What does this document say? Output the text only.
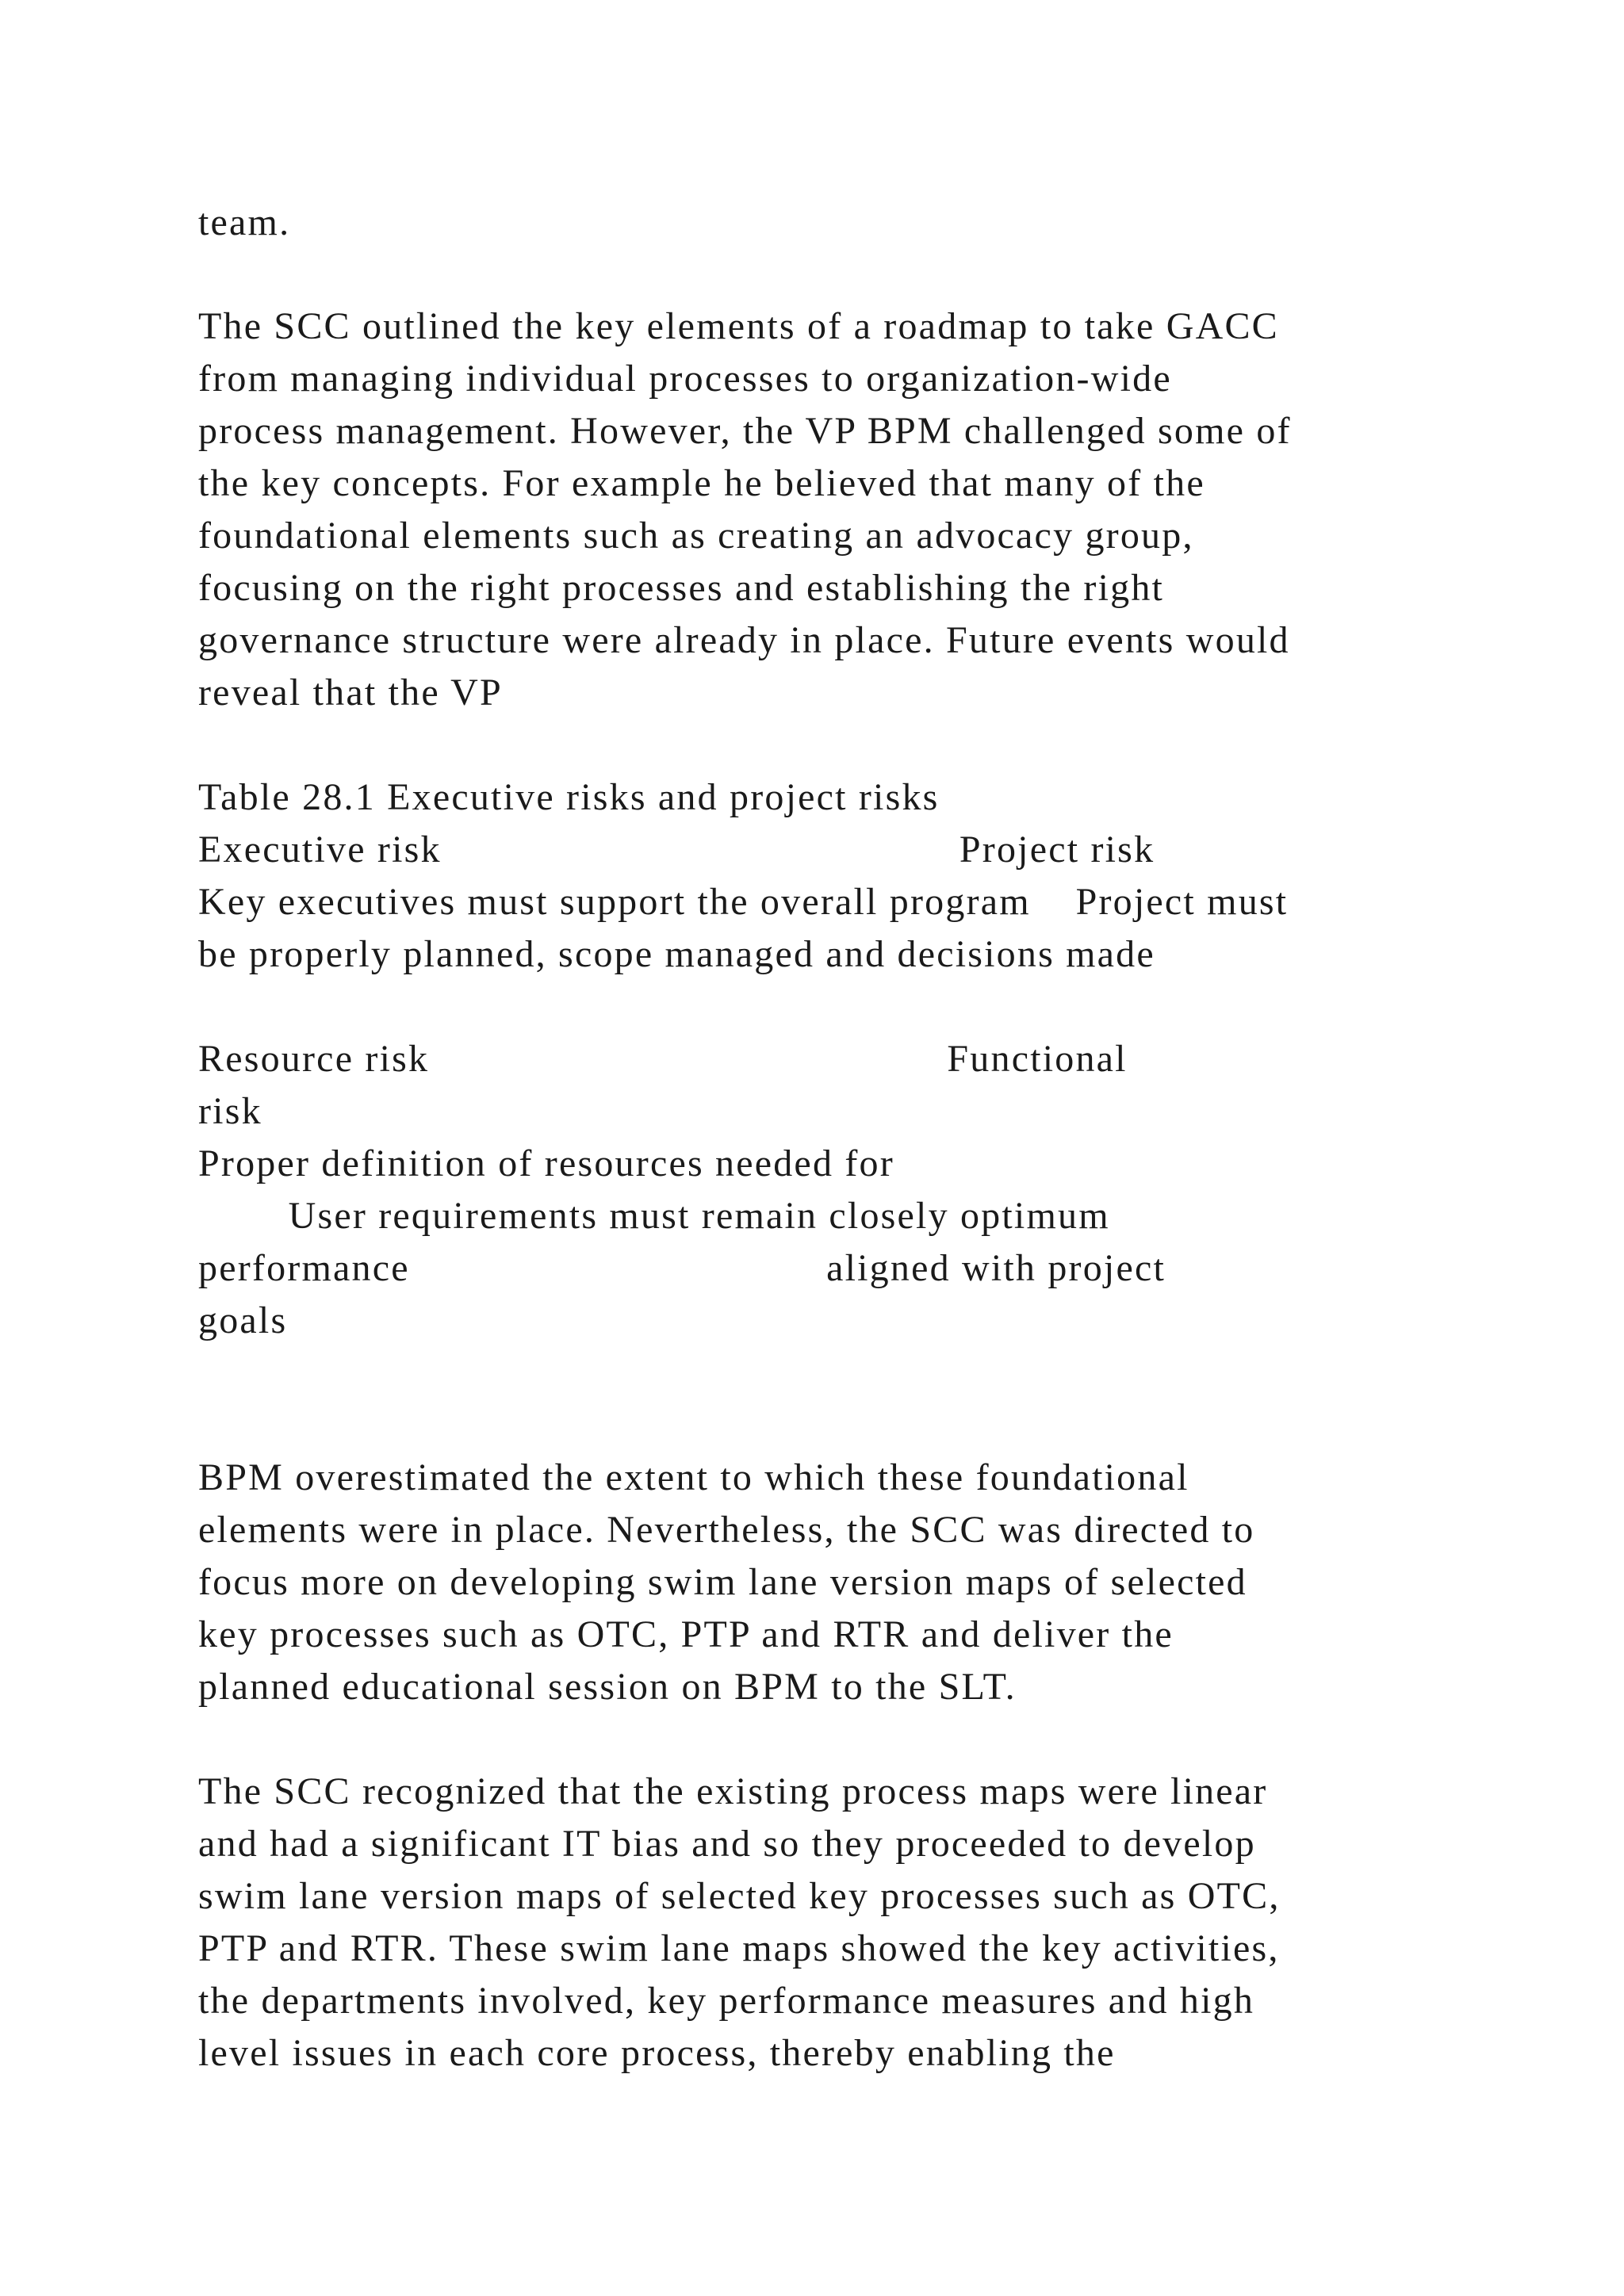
team.

The SCC outlined the key elements of a roadmap to take GACC

from managing individual processes to organization-wide

process management. However, the VP BPM challenged some of

the key concepts. For example he believed that many of the

foundational elements such as creating an advocacy group,

focusing on the right processes and establishing the right

governance structure were already in place. Future events would

reveal that the VP

Table 28.1 Executive risks and project risks

Executive risk                                              Project risk

Key executives must support the overall program    Project must

be properly planned, scope managed and decisions made

Resource risk                                              Functional

risk

Proper definition of resources needed for

User requirements must remain closely optimum

performance                                     aligned with project

goals

BPM overestimated the extent to which these foundational

elements were in place. Nevertheless, the SCC was directed to

focus more on developing swim lane version maps of selected

key processes such as OTC, PTP and RTR and deliver the

planned educational session on BPM to the SLT.

The SCC recognized that the existing process maps were linear

and had a significant IT bias and so they proceeded to develop

swim lane version maps of selected key processes such as OTC,

PTP and RTR. These swim lane maps showed the key activities,

the departments involved, key performance measures and high

level issues in each core process, thereby enabling the
